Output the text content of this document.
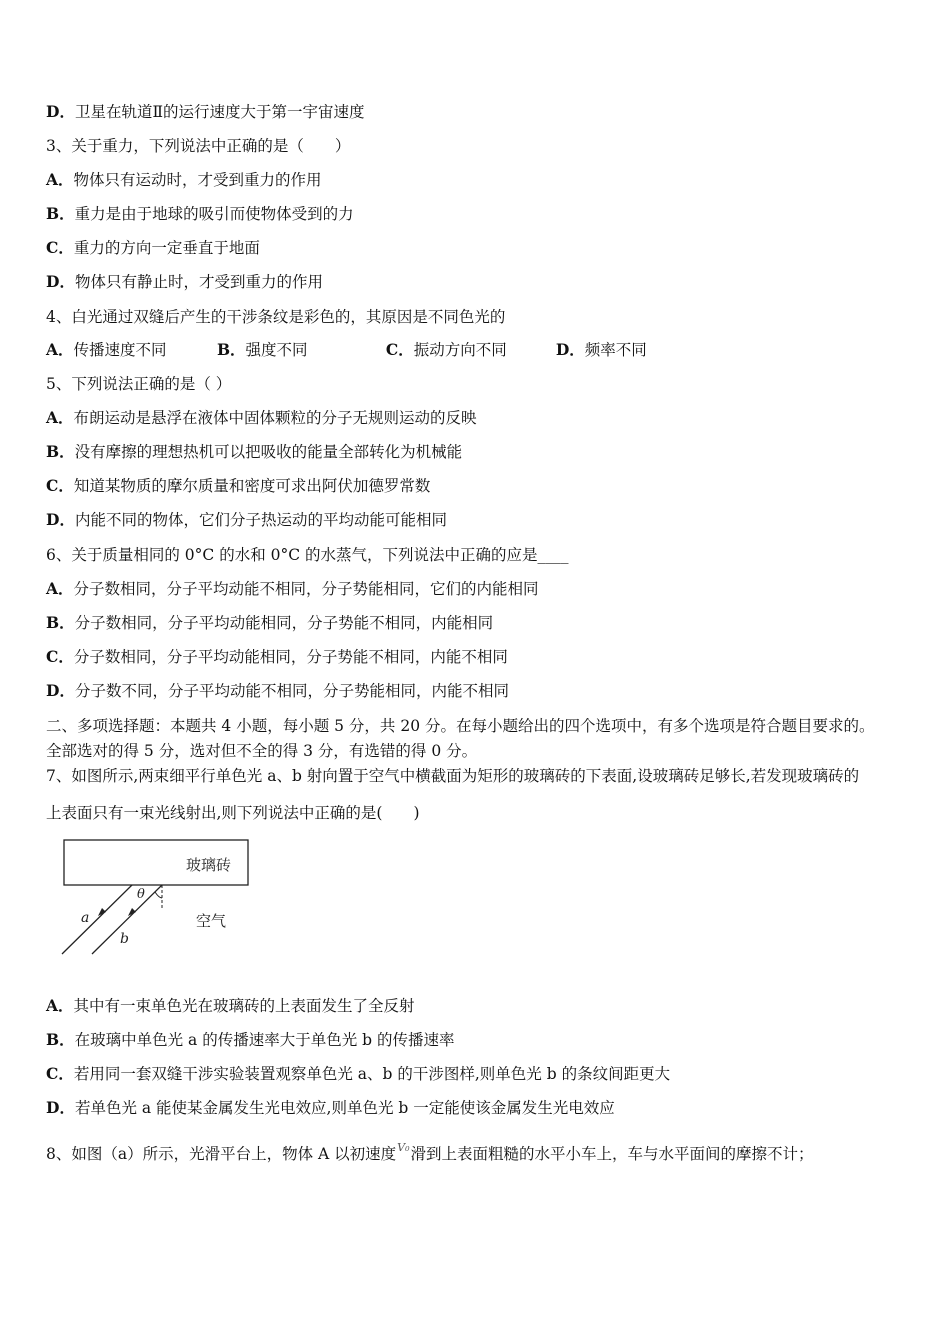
D．卫星在轨道Ⅱ的运行速度大于第一宇宙速度
3、关于重力，下列说法中正确的是（　　）
A．物体只有运动时，才受到重力的作用
B．重力是由于地球的吸引而使物体受到的力
C．重力的方向一定垂直于地面
D．物体只有静止时，才受到重力的作用
4、白光通过双缝后产生的干涉条纹是彩色的，其原因是不同色光的
A．传播速度不同	B．强度不同	C．振动方向不同	D．频率不同
5、下列说法正确的是（ ）
A．布朗运动是悬浮在液体中固体颗粒的分子无规则运动的反映
B．没有摩擦的理想热机可以把吸收的能量全部转化为机械能
C．知道某物质的摩尔质量和密度可求出阿伏加德罗常数
D．内能不同的物体，它们分子热运动的平均动能可能相同
6、关于质量相同的 0°C 的水和 0°C 的水蒸气，下列说法中正确的应是____
A．分子数相同，分子平均动能不相同，分子势能相同，它们的内能相同
B．分子数相同，分子平均动能相同，分子势能不相同，内能相同
C．分子数相同，分子平均动能相同，分子势能不相同，内能不相同
D．分子数不同，分子平均动能不相同，分子势能相同，内能不相同
二、多项选择题：本题共 4 小题，每小题 5 分，共 20 分。在每小题给出的四个选项中，有多个选项是符合题目要求的。
全部选对的得 5 分，选对但不全的得 3 分，有选错的得 0 分。
7、如图所示,两束细平行单色光 a、b 射向置于空气中横截面为矩形的玻璃砖的下表面,设玻璃砖足够长,若发现玻璃砖的
上表面只有一束光线射出,则下列说法中正确的是(　　)
玻璃砖
空气
θ
a
b
A．其中有一束单色光在玻璃砖的上表面发生了全反射
B．在玻璃中单色光 a 的传播速率大于单色光 b 的传播速率
C．若用同一套双缝干涉实验装置观察单色光 a、b 的干涉图样,则单色光 b 的条纹间距更大
D．若单色光 a 能使某金属发生光电效应,则单色光 b 一定能使该金属发生光电效应
8、如图（a）所示，光滑平台上，物体 A 以初速度$^{V_0}$滑到上表面粗糙的水平小车上，车与水平面间的摩擦不计；
